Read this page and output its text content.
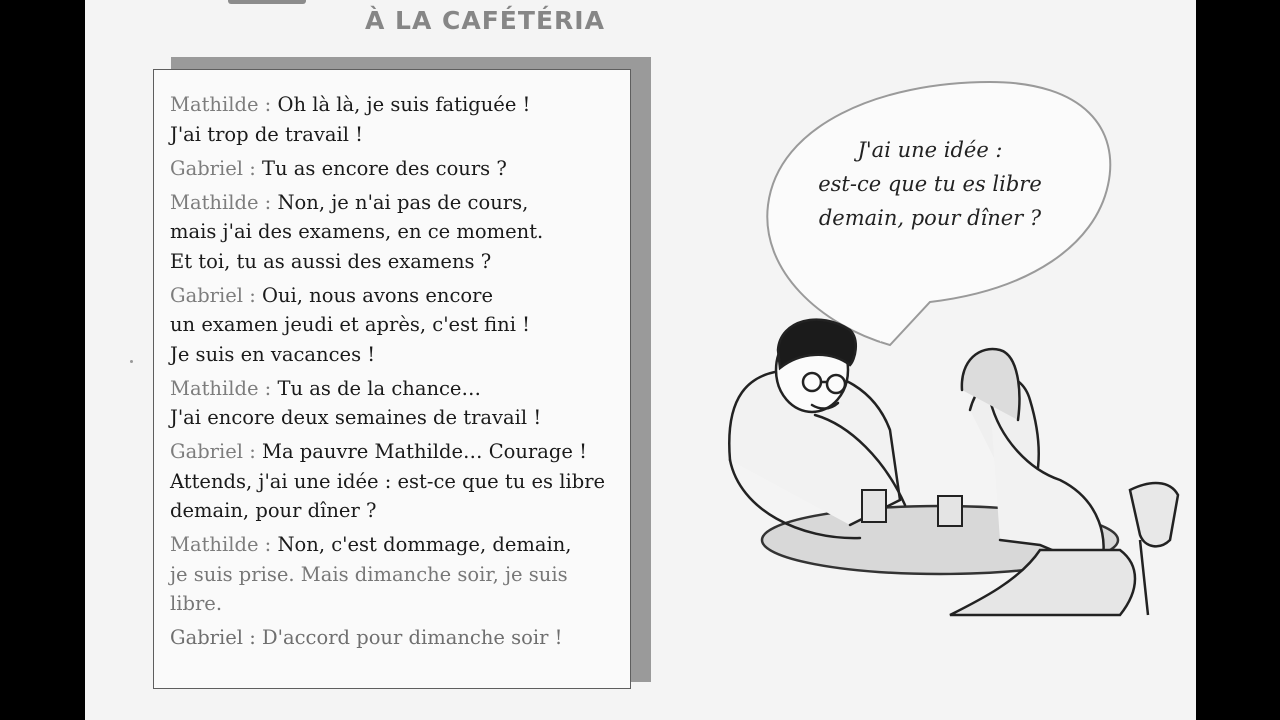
À LA CAFÉTÉRIA
Mathilde : Oh là là, je suis fatiguée !
J'ai trop de travail !
Gabriel : Tu as encore des cours ?
Mathilde : Non, je n'ai pas de cours,
mais j'ai des examens, en ce moment.
Et toi, tu as aussi des examens ?
Gabriel : Oui, nous avons encore
un examen jeudi et après, c'est fini !
Je suis en vacances !
Mathilde : Tu as de la chance…
J'ai encore deux semaines de travail !
Gabriel : Ma pauvre Mathilde… Courage !
Attends, j'ai une idée : est-ce que tu es libre
demain, pour dîner ?
Mathilde : Non, c'est dommage, demain,
je suis prise. Mais dimanche soir, je suis
libre.
Gabriel : D'accord pour dimanche soir !
J'ai une idée :
est-ce que tu es libre
demain, pour dîner ?
